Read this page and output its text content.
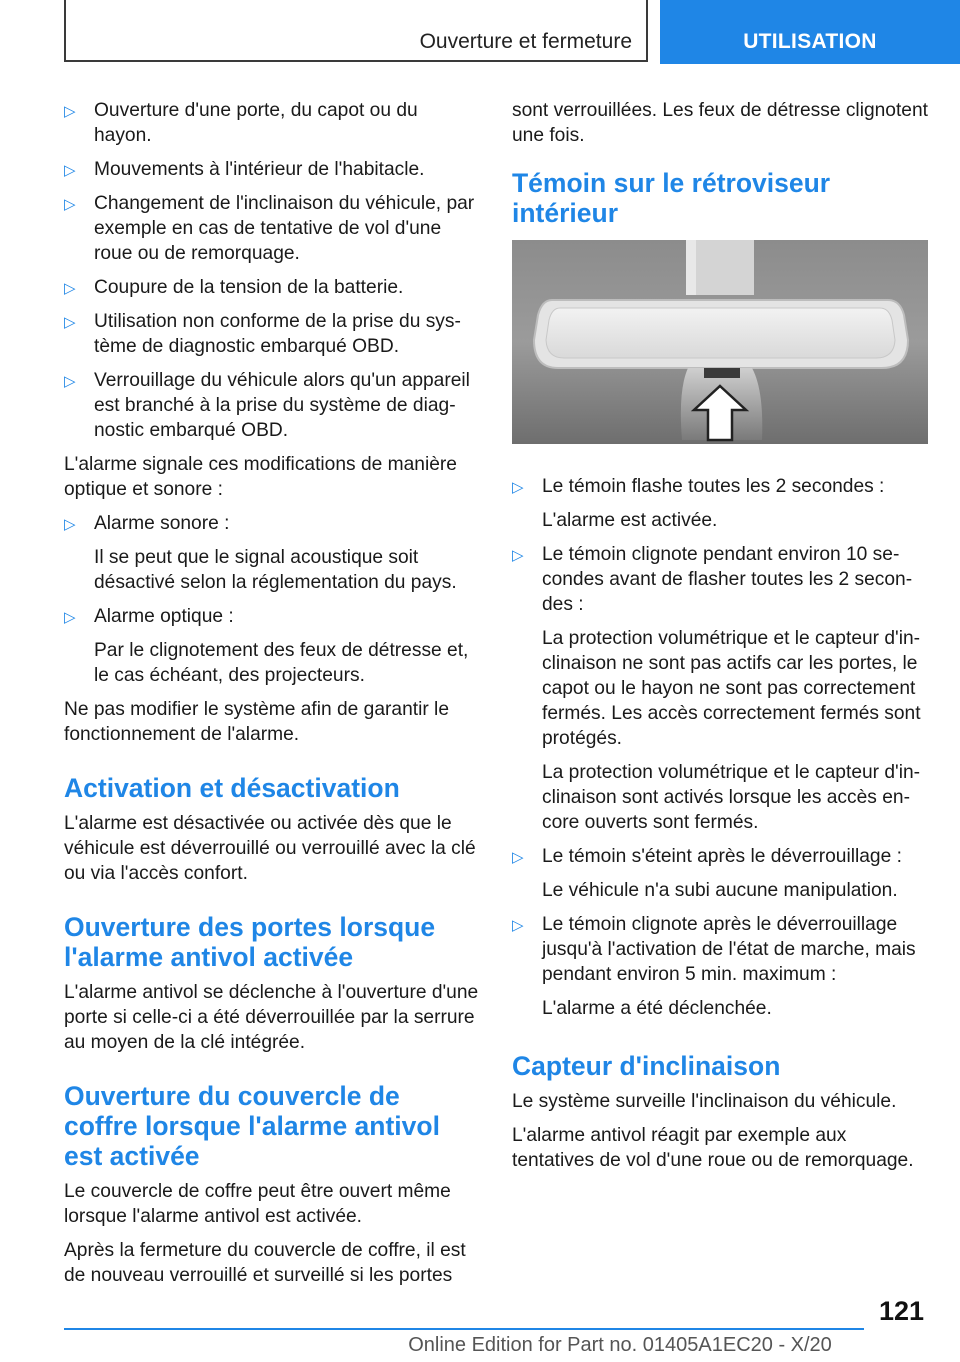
Ouverture et fermeture	UTILISATION
▷ Ouverture d'une porte, du capot ou du hayon.
▷ Mouvements à l'intérieur de l'habitacle.
▷ Changement de l'inclinaison du véhicule, par exemple en cas de tentative de vol d'une roue ou de remorquage.
▷ Coupure de la tension de la batterie.
▷ Utilisation non conforme de la prise du système de diagnostic embarqué OBD.
▷ Verrouillage du véhicule alors qu'un appareil est branché à la prise du système de diagnostic embarqué OBD.

L'alarme signale ces modifications de manière optique et sonore :

▷ Alarme sonore :
Il se peut que le signal acoustique soit désactivé selon la réglementation du pays.
▷ Alarme optique :
Par le clignotement des feux de détresse et, le cas échéant, des projecteurs.

Ne pas modifier le système afin de garantir le fonctionnement de l'alarme.

Activation et désactivation

L'alarme est désactivée ou activée dès que le véhicule est déverrouillé ou verrouillé avec la clé ou via l'accès confort.

Ouverture des portes lorsque l'alarme antivol activée

L'alarme antivol se déclenche à l'ouverture d'une porte si celle-ci a été déverrouillée par la serrure au moyen de la clé intégrée.

Ouverture du couvercle de coffre lorsque l'alarme antivol est activée

Le couvercle de coffre peut être ouvert même lorsque l'alarme antivol est activée.

Après la fermeture du couvercle de coffre, il est de nouveau verrouillé et surveillé si les portes

sont verrouillées. Les feux de détresse clignotent une fois.

Témoin sur le rétroviseur intérieur
▷ Le témoin flashe toutes les 2 secondes :
L'alarme est activée.
▷ Le témoin clignote pendant environ 10 secondes avant de flasher toutes les 2 secondes :
La protection volumétrique et le capteur d'inclinaison ne sont pas actifs car les portes, le capot ou le hayon ne sont pas correctement fermés. Les accès correctement fermés sont protégés.
La protection volumétrique et le capteur d'inclinaison sont activés lorsque les accès encore ouverts sont fermés.
▷ Le témoin s'éteint après le déverrouillage :
Le véhicule n'a subi aucune manipulation.
▷ Le témoin clignote après le déverrouillage jusqu'à l'activation de l'état de marche, mais pendant environ 5 min. maximum :
L'alarme a été déclenchée.
Capteur d'inclinaison

Le système surveille l'inclinaison du véhicule.

L'alarme antivol réagit par exemple aux tentatives de vol d'une roue ou de remorquage.

121
Online Edition for Part no. 01405A1EC20 - X/20
